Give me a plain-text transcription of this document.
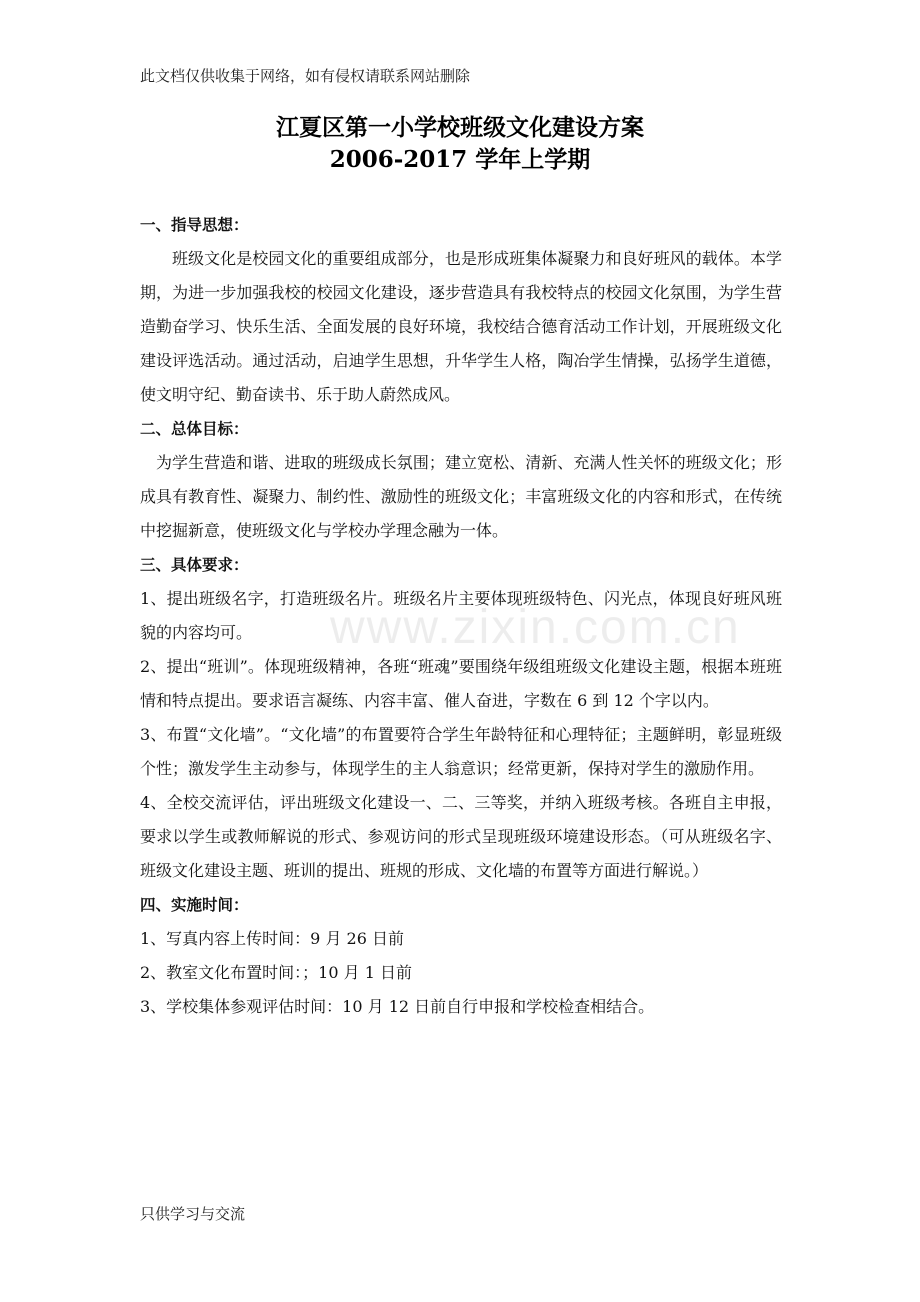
此文档仅供收集于网络，如有侵权请联系网站删除
www.zixin.com.cn
江夏区第一小学校班级文化建设方案
2006-2017 学年上学期

一、指导思想：

班级文化是校园文化的重要组成部分，也是形成班集体凝聚力和良好班风的载体。本学期，为进一步加强我校的校园文化建设，逐步营造具有我校特点的校园文化氛围，为学生营造勤奋学习、快乐生活、全面发展的良好环境，我校结合德育活动工作计划，开展班级文化建设评选活动。通过活动，启迪学生思想，升华学生人格，陶冶学生情操，弘扬学生道德，使文明守纪、勤奋读书、乐于助人蔚然成风。

二、总体目标：

为学生营造和谐、进取的班级成长氛围；建立宽松、清新、充满人性关怀的班级文化；形成具有教育性、凝聚力、制约性、激励性的班级文化；丰富班级文化的内容和形式，在传统中挖掘新意，使班级文化与学校办学理念融为一体。

三、具体要求：

1、提出班级名字，打造班级名片。班级名片主要体现班级特色、闪光点，体现良好班风班貌的内容均可。

2、提出“班训”。体现班级精神，各班“班魂”要围绕年级组班级文化建设主题，根据本班班情和特点提出。要求语言凝练、内容丰富、催人奋进，字数在 6 到 12 个字以内。

3、布置“文化墙”。“文化墙”的布置要符合学生年龄特征和心理特征；主题鲜明，彰显班级个性；激发学生主动参与，体现学生的主人翁意识；经常更新，保持对学生的激励作用。

4、全校交流评估，评出班级文化建设一、二、三等奖，并纳入班级考核。各班自主申报，要求以学生或教师解说的形式、参观访问的形式呈现班级环境建设形态。（可从班级名字、班级文化建设主题、班训的提出、班规的形成、文化墙的布置等方面进行解说。）

四、实施时间：

1、写真内容上传时间：9 月 26 日前

2、教室文化布置时间：；10 月 1 日前

3、学校集体参观评估时间：10 月 12 日前自行申报和学校检查相结合。

只供学习与交流
